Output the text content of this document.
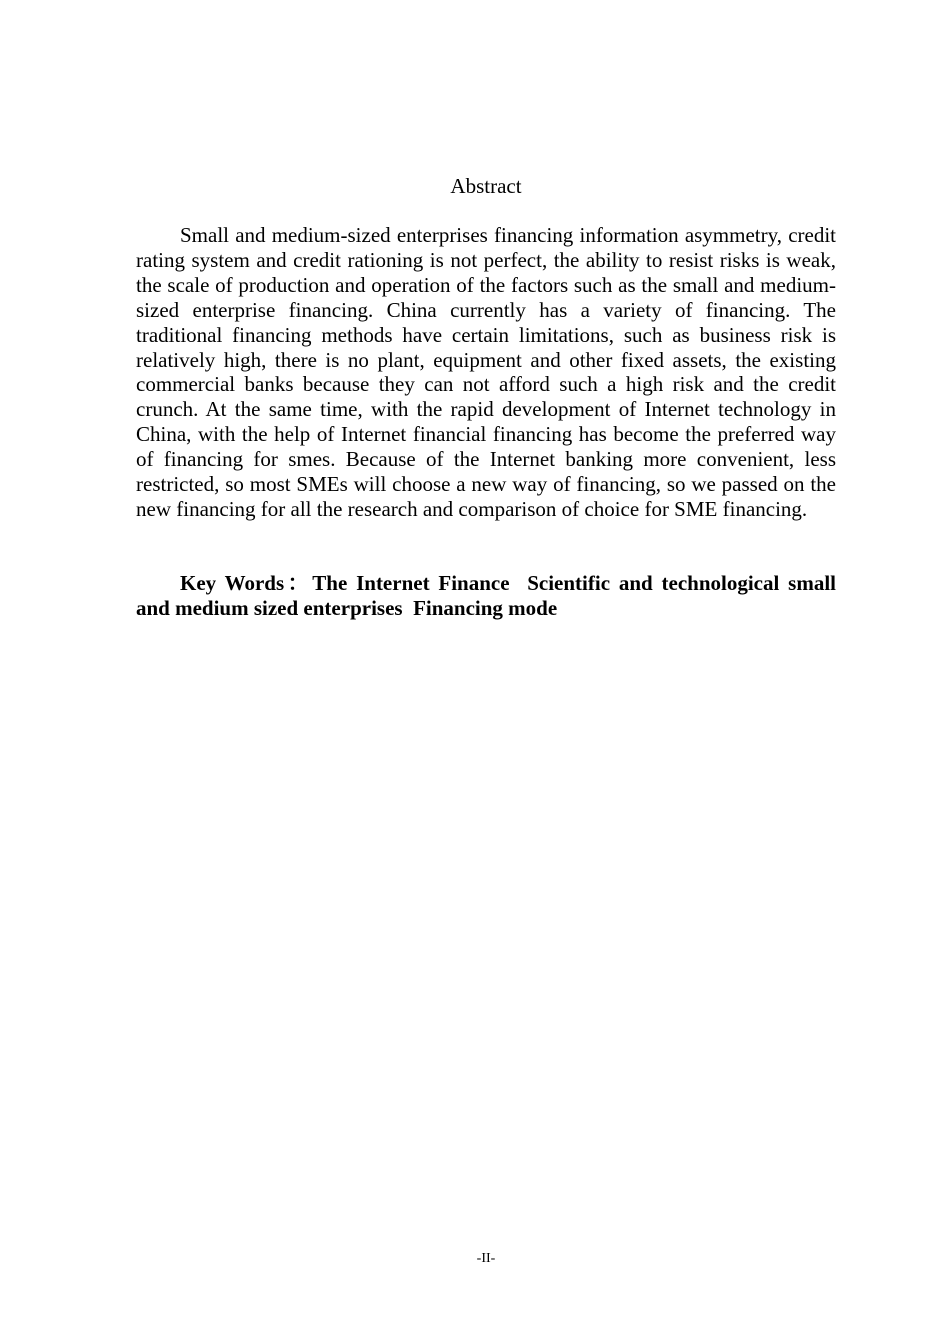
Abstract

Small and medium-sized enterprises financing information asymmetry, credit rating system and credit rationing is not perfect, the ability to resist risks is weak, the scale of production and operation of the factors such as the small and medium-sized enterprise financing. China currently has a variety of financing. The traditional financing methods have certain limitations, such as business risk is relatively high, there is no plant, equipment and other fixed assets, the existing commercial banks because they can not afford such a high risk and the credit crunch. At the same time, with the rapid development of Internet technology in China, with the help of Internet financial financing has become the preferred way of financing for smes. Because of the Internet banking more convenient, less restricted, so most SMEs will choose a new way of financing, so we passed on the new financing for all the research and comparison of choice for SME financing.

Key Words：The Internet Finance  Scientific and technological small and medium sized enterprises  Financing mode

-II-
